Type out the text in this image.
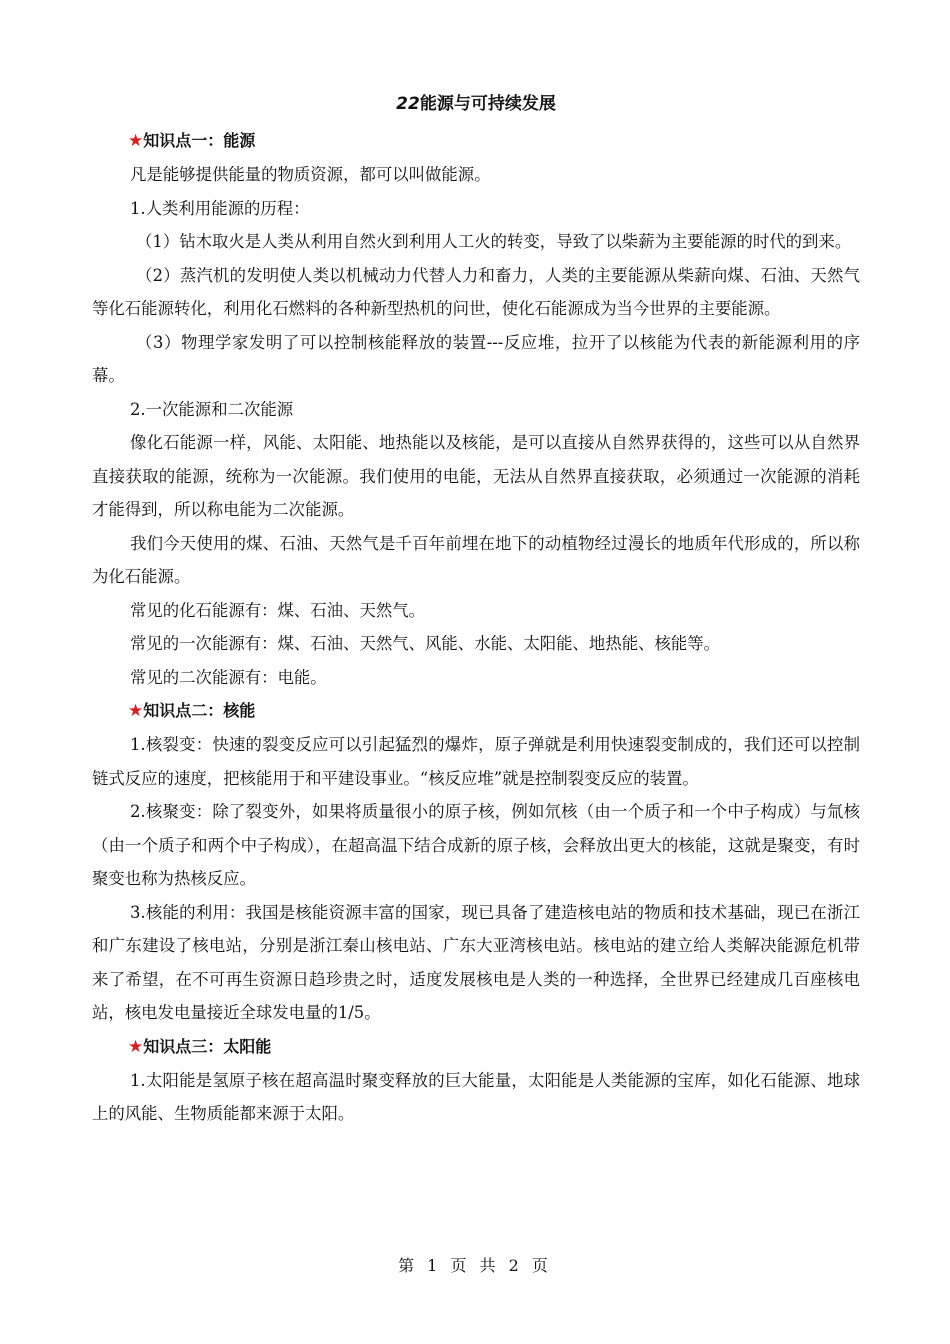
22能源与可持续发展
★知识点一：能源

凡是能够提供能量的物质资源，都可以叫做能源。

1.人类利用能源的历程：

（1）钻木取火是人类从利用自然火到利用人工火的转变，导致了以柴薪为主要能源的时代的到来。

（2）蒸汽机的发明使人类以机械动力代替人力和畜力，人类的主要能源从柴薪向煤、石油、天然气等化石能源转化，利用化石燃料的各种新型热机的问世，使化石能源成为当今世界的主要能源。

（3）物理学家发明了可以控制核能释放的装置---反应堆，拉开了以核能为代表的新能源利用的序幕。

2.一次能源和二次能源

像化石能源一样，风能、太阳能、地热能以及核能，是可以直接从自然界获得的，这些可以从自然界直接获取的能源，统称为一次能源。我们使用的电能，无法从自然界直接获取，必须通过一次能源的消耗才能得到，所以称电能为二次能源。

我们今天使用的煤、石油、天然气是千百年前埋在地下的动植物经过漫长的地质年代形成的，所以称为化石能源。

常见的化石能源有：煤、石油、天然气。

常见的一次能源有：煤、石油、天然气、风能、水能、太阳能、地热能、核能等。

常见的二次能源有：电能。

★知识点二：核能

1.核裂变：快速的裂变反应可以引起猛烈的爆炸，原子弹就是利用快速裂变制成的，我们还可以控制链式反应的速度，把核能用于和平建设事业。“核反应堆”就是控制裂变反应的装置。

2.核聚变：除了裂变外，如果将质量很小的原子核，例如氘核（由一个质子和一个中子构成）与氚核（由一个质子和两个中子构成），在超高温下结合成新的原子核，会释放出更大的核能，这就是聚变，有时聚变也称为热核反应。

3.核能的利用：我国是核能资源丰富的国家，现已具备了建造核电站的物质和技术基础，现已在浙江和广东建设了核电站，分别是浙江秦山核电站、广东大亚湾核电站。核电站的建立给人类解决能源危机带来了希望，在不可再生资源日趋珍贵之时，适度发展核电是人类的一种选择，全世界已经建成几百座核电站，核电发电量接近全球发电量的1/5。

★知识点三：太阳能

1.太阳能是氢原子核在超高温时聚变释放的巨大能量，太阳能是人类能源的宝库，如化石能源、地球上的风能、生物质能都来源于太阳。

第 1 页 共 2 页
